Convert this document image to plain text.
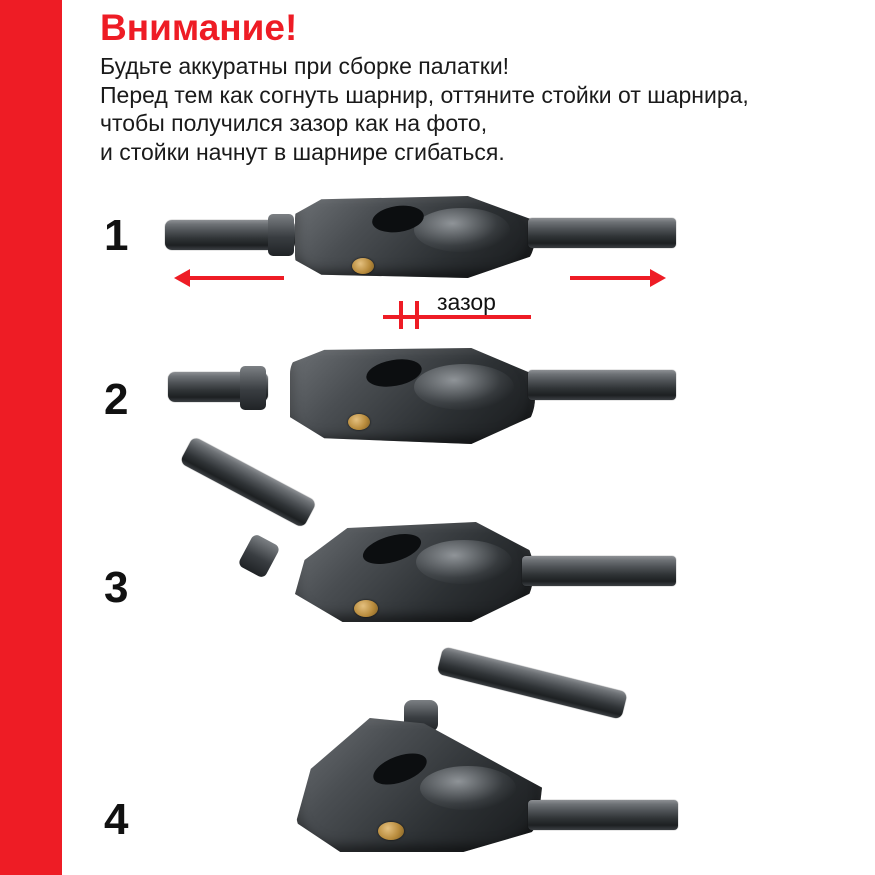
Внимание!
Будьте аккуратны при сборке палатки!
Перед тем как согнуть шарнир, оттяните стойки от шарнира,
чтобы получился зазор как на фото,
и стойки начнут в шарнире сгибаться.
1
зазор
2
3
4
